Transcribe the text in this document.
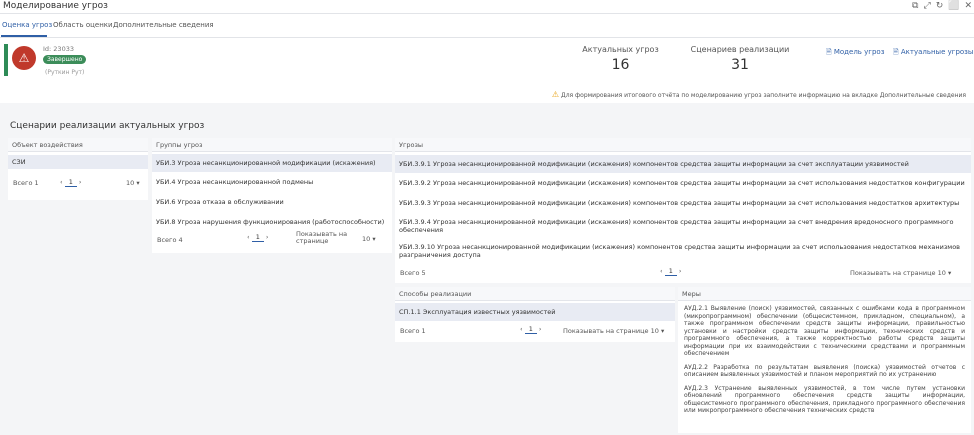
Моделирование угроз	⧉ ⤢ ↻ ⬜ ✕
Оценка угроз Область оценки Дополнительные сведения
⚠
Id: 23033
Завершено
(Руткин Рут)
Актуальных угроз
16
Сценариев реализации
31
🗎 Модель угроз 🗎 Актуальные угрозы
⚠ Для формирования итогового отчёта по моделированию угроз заполните информацию на вкладке Дополнительные сведения
Сценарии реализации актуальных угроз
Объект воздействия
СЗИ
Всего 1	‹ 1 ›	10 ▾
Группы угроз
УБИ.3 Угроза несанкционированной модификации (искажения)
УБИ.4 Угроза несанкционированной подмены
УБИ.6 Угроза отказа в обслуживании
УБИ.8 Угроза нарушения функционирования (работоспособности)
Всего 4	‹ 1 ›	Показывать на странице	10 ▾
Угрозы
УБИ.3.9.1 Угроза несанкционированной модификации (искажения) компонентов средства защиты информации за счет эксплуатации уязвимостей
УБИ.3.9.2 Угроза несанкционированной модификации (искажения) компонентов средства защиты информации за счет использования недостатков конфигурации
УБИ.3.9.3 Угроза несанкционированной модификации (искажения) компонентов средства защиты информации за счет использования недостатков архитектуры
УБИ.3.9.4 Угроза несанкционированной модификации (искажения) компонентов средства защиты информации за счет внедрения вредоносного программного обеспечения
УБИ.3.9.10 Угроза несанкционированной модификации (искажения) компонентов средства защиты информации за счет использования недостатков механизмов разграничения доступа
Всего 5	‹ 1 ›	Показывать на странице 10 ▾
Способы реализации
СП.1.1 Эксплуатация известных уязвимостей
Всего 1	‹ 1 ›	Показывать на странице 10 ▾
Меры
АУД.2.1 Выявление (поиск) уязвимостей, связанных с ошибками кода в программном (микропрограммном) обеспечении (общесистемном, прикладном, специальном), а также программном обеспечении средств защиты информации, правильностью установки и настройки средств защиты информации, технических средств и программного обеспечения, а также корректностью работы средств защиты информации при их взаимодействии с техническими средствами и программным обеспечением
АУД.2.2 Разработка по результатам выявления (поиска) уязвимостей отчетов с описанием выявленных уязвимостей и планом мероприятий по их устранению
АУД.2.3 Устранение выявленных уязвимостей, в том числе путем установки обновлений программного обеспечения средств защиты информации, общесистемного программного обеспечения, прикладного программного обеспечения или микропрограммного обеспечения технических средств
